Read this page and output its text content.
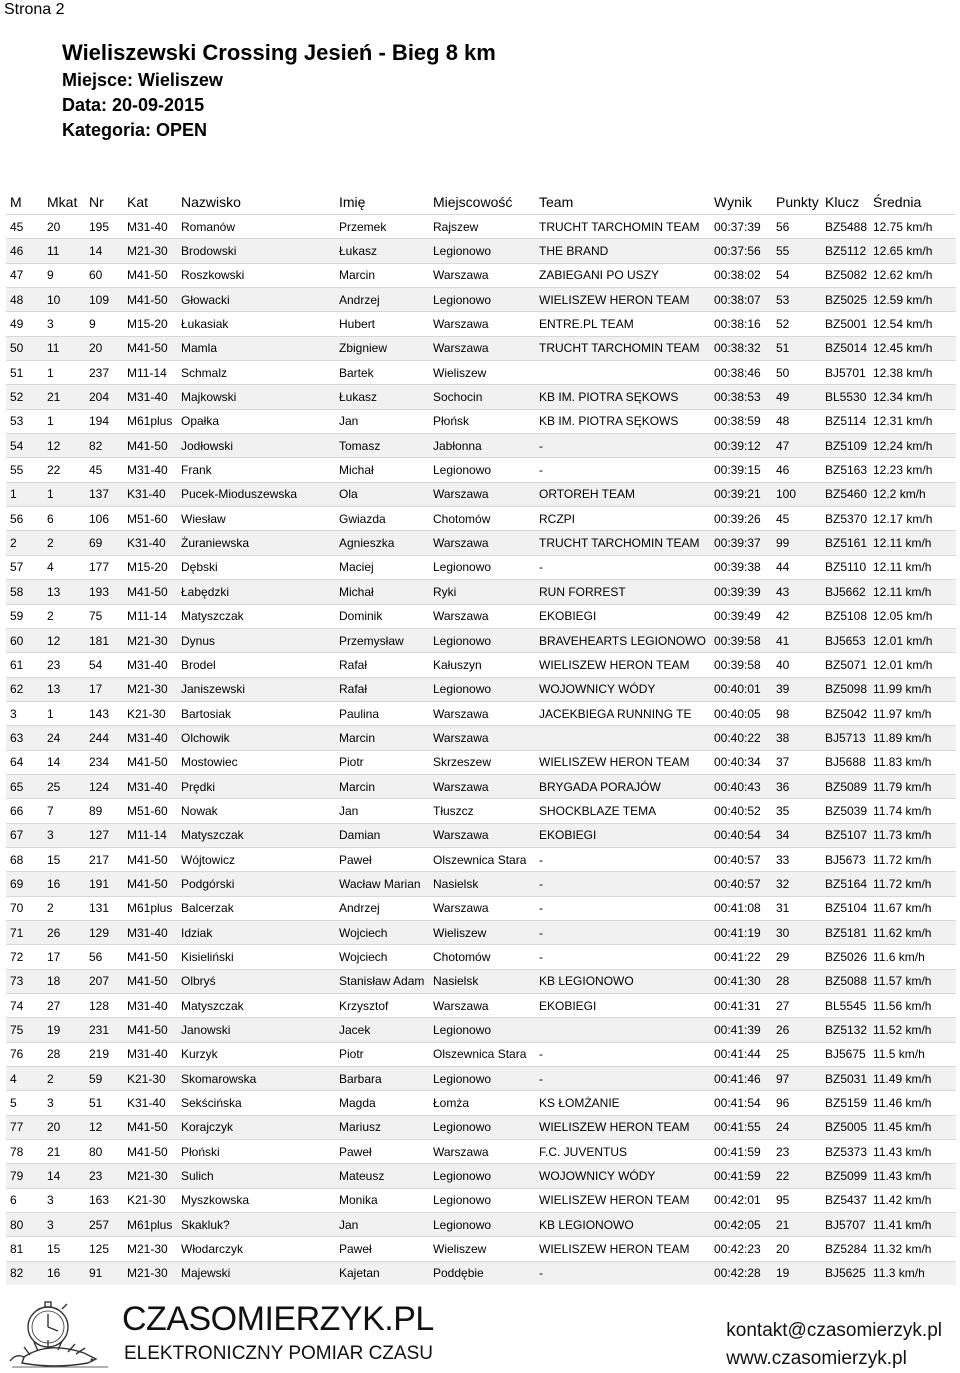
Strona 2
Wieliszewski Crossing Jesień - Bieg 8 km
Miejsce: Wieliszew
Data: 20-09-2015
Kategoria: OPEN
M	Mkat	Nr	Kat	Nazwisko	Imię	Miejscowość	Team	Wynik	Punkty	Klucz	Średnia
45	20	195	M31-40	Romanów	Przemek	Rajszew	TRUCHT TARCHOMIN TEAM	00:37:39	56	BZ5488	12.75 km/h
46	11	14	M21-30	Brodowski	Łukasz	Legionowo	THE BRAND	00:37:56	55	BZ5112	12.65 km/h
47	9	60	M41-50	Roszkowski	Marcin	Warszawa	ZABIEGANI PO USZY	00:38:02	54	BZ5082	12.62 km/h
48	10	109	M41-50	Głowacki	Andrzej	Legionowo	WIELISZEW HERON TEAM	00:38:07	53	BZ5025	12.59 km/h
49	3	9	M15-20	Łukasiak	Hubert	Warszawa	ENTRE.PL TEAM	00:38:16	52	BZ5001	12.54 km/h
50	11	20	M41-50	Mamla	Zbigniew	Warszawa	TRUCHT TARCHOMIN TEAM	00:38:32	51	BZ5014	12.45 km/h
51	1	237	M11-14	Schmalz	Bartek	Wieliszew		00:38:46	50	BJ5701	12.38 km/h
52	21	204	M31-40	Majkowski	Łukasz	Sochocin	KB IM. PIOTRA SĘKOWS	00:38:53	49	BL5530	12.34 km/h
53	1	194	M61plus	Opałka	Jan	Płońsk	KB IM. PIOTRA SĘKOWS	00:38:59	48	BZ5114	12.31 km/h
54	12	82	M41-50	Jodłowski	Tomasz	Jabłonna	-	00:39:12	47	BZ5109	12.24 km/h
55	22	45	M31-40	Frank	Michał	Legionowo	-	00:39:15	46	BZ5163	12.23 km/h
1	1	137	K31-40	Pucek-Mioduszewska	Ola	Warszawa	ORTOREH TEAM	00:39:21	100	BZ5460	12.2 km/h
56	6	106	M51-60	Wiesław	Gwiazda	Chotomów	RCZPI	00:39:26	45	BZ5370	12.17 km/h
2	2	69	K31-40	Żuraniewska	Agnieszka	Warszawa	TRUCHT TARCHOMIN TEAM	00:39:37	99	BZ5161	12.11 km/h
57	4	177	M15-20	Dębski	Maciej	Legionowo	-	00:39:38	44	BZ5110	12.11 km/h
58	13	193	M41-50	Łabędzki	Michał	Ryki	RUN FORREST	00:39:39	43	BJ5662	12.11 km/h
59	2	75	M11-14	Matyszczak	Dominik	Warszawa	EKOBIEGI	00:39:49	42	BZ5108	12.05 km/h
60	12	181	M21-30	Dynus	Przemysław	Legionowo	BRAVEHEARTS LEGIONOWO	00:39:58	41	BJ5653	12.01 km/h
61	23	54	M31-40	Brodel	Rafał	Kałuszyn	WIELISZEW HERON TEAM	00:39:58	40	BZ5071	12.01 km/h
62	13	17	M21-30	Janiszewski	Rafał	Legionowo	WOJOWNICY WÓDY	00:40:01	39	BZ5098	11.99 km/h
3	1	143	K21-30	Bartosiak	Paulina	Warszawa	JACEKBIEGA RUNNING TE	00:40:05	98	BZ5042	11.97 km/h
63	24	244	M31-40	Olchowik	Marcin	Warszawa		00:40:22	38	BJ5713	11.89 km/h
64	14	234	M41-50	Mostowiec	Piotr	Skrzeszew	WIELISZEW HERON TEAM	00:40:34	37	BJ5688	11.83 km/h
65	25	124	M31-40	Prędki	Marcin	Warszawa	BRYGADA PORAJÓW	00:40:43	36	BZ5089	11.79 km/h
66	7	89	M51-60	Nowak	Jan	Tłuszcz	SHOCKBLAZE TEMA	00:40:52	35	BZ5039	11.74 km/h
67	3	127	M11-14	Matyszczak	Damian	Warszawa	EKOBIEGI	00:40:54	34	BZ5107	11.73 km/h
68	15	217	M41-50	Wójtowicz	Paweł	Olszewnica Stara	-	00:40:57	33	BJ5673	11.72 km/h
69	16	191	M41-50	Podgórski	Wacław Marian	Nasielsk	-	00:40:57	32	BZ5164	11.72 km/h
70	2	131	M61plus	Balcerzak	Andrzej	Warszawa	-	00:41:08	31	BZ5104	11.67 km/h
71	26	129	M31-40	Idziak	Wojciech	Wieliszew	-	00:41:19	30	BZ5181	11.62 km/h
72	17	56	M41-50	Kisieliński	Wojciech	Chotomów	-	00:41:22	29	BZ5026	11.6 km/h
73	18	207	M41-50	Olbryś	Stanisław Adam	Nasielsk	KB LEGIONOWO	00:41:30	28	BZ5088	11.57 km/h
74	27	128	M31-40	Matyszczak	Krzysztof	Warszawa	EKOBIEGI	00:41:31	27	BL5545	11.56 km/h
75	19	231	M41-50	Janowski	Jacek	Legionowo		00:41:39	26	BZ5132	11.52 km/h
76	28	219	M31-40	Kurzyk	Piotr	Olszewnica Stara	-	00:41:44	25	BJ5675	11.5 km/h
4	2	59	K21-30	Skomarowska	Barbara	Legionowo	-	00:41:46	97	BZ5031	11.49 km/h
5	3	51	K31-40	Sekścińska	Magda	Łomża	KS ŁOMŻANIE	00:41:54	96	BZ5159	11.46 km/h
77	20	12	M41-50	Korajczyk	Mariusz	Legionowo	WIELISZEW HERON TEAM	00:41:55	24	BZ5005	11.45 km/h
78	21	80	M41-50	Płoński	Paweł	Warszawa	F.C. JUVENTUS	00:41:59	23	BZ5373	11.43 km/h
79	14	23	M21-30	Sulich	Mateusz	Legionowo	WOJOWNICY WÓDY	00:41:59	22	BZ5099	11.43 km/h
6	3	163	K21-30	Myszkowska	Monika	Legionowo	WIELISZEW HERON TEAM	00:42:01	95	BZ5437	11.42 km/h
80	3	257	M61plus	Skakluk?	Jan	Legionowo	KB LEGIONOWO	00:42:05	21	BJ5707	11.41 km/h
81	15	125	M21-30	Włodarczyk	Paweł	Wieliszew	WIELISZEW HERON TEAM	00:42:23	20	BZ5284	11.32 km/h
82	16	91	M21-30	Majewski	Kajetan	Poddębie	-	00:42:28	19	BJ5625	11.3 km/h
CZASOMIERZYK.PL
ELEKTRONICZNY POMIAR CZASU
kontakt@czasomierzyk.pl
www.czasomierzyk.pl
